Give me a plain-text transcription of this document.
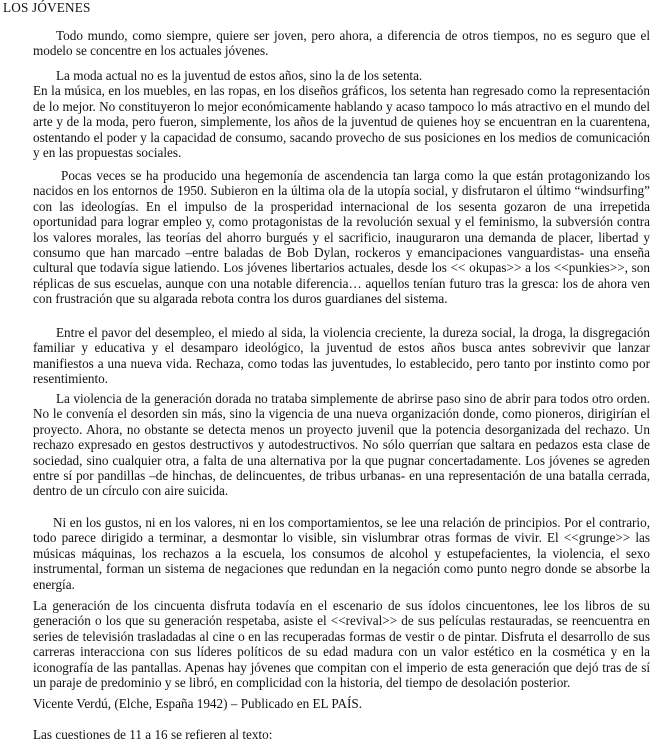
LOS JÓVENES

Todo mundo, como siempre, quiere ser joven, pero ahora, a diferencia de otros tiempos, no es seguro que el modelo se concentre en los actuales jóvenes.

La moda actual no es la juventud de estos años, sino la de los setenta.
En la música, en los muebles, en las ropas, en los diseños gráficos, los setenta han regresado como la representación de lo mejor. No constituyeron lo mejor económicamente hablando y acaso tampoco lo más atractivo en el mundo del arte y de la moda, pero fueron, simplemente, los años de la juventud de quienes hoy se encuentran en la cuarentena, ostentando el poder y la capacidad de consumo, sacando provecho de sus posiciones en los medios de comunicación y en las propuestas sociales.

Pocas veces se ha producido una hegemonía de ascendencia tan larga como la que están protagonizando los nacidos en los entornos de 1950. Subieron en la última ola de la utopía social, y disfrutaron el último “windsurfing” con las ideologías. En el impulso de la prosperidad internacional de los sesenta gozaron de una irrepetida oportunidad para lograr empleo y, como protagonistas de la revolución sexual y el feminismo, la subversión contra los valores morales, las teorías del ahorro burgués y el sacrificio, inauguraron una demanda de placer, libertad y consumo que han marcado –entre baladas de Bob Dylan, rockeros y emancipaciones vanguardistas- una enseña cultural que todavía sigue latiendo. Los jóvenes libertarios actuales, desde los << okupas>> a los <<punkies>>, son réplicas de sus escuelas, aunque con una notable diferencia… aquellos tenían futuro tras la gresca: los de ahora ven con frustración que su algarada rebota contra los duros guardianes del sistema.

Entre el pavor del desempleo, el miedo al sida, la violencia creciente, la dureza social, la droga, la disgregación familiar y educativa y el desamparo ideológico, la juventud de estos años busca antes sobrevivir que lanzar manifiestos a una nueva vida. Rechaza, como todas las juventudes, lo establecido, pero tanto por instinto como por resentimiento.

La violencia de la generación dorada no trataba simplemente de abrirse paso sino de abrir para todos otro orden. No le convenía el desorden sin más, sino la vigencia de una nueva organización donde, como pioneros, dirigirían el proyecto. Ahora, no obstante se detecta menos un proyecto juvenil que la potencia desorganizada del rechazo. Un rechazo expresado en gestos destructivos y autodestructivos. No sólo querrían que saltara en pedazos esta clase de sociedad, sino cualquier otra, a falta de una alternativa por la que pugnar concertadamente. Los jóvenes se agreden entre sí por pandillas –de hinchas, de delincuentes, de tribus urbanas- en una representación de una batalla cerrada, dentro de un círculo con aire suicida.

Ni en los gustos, ni en los valores, ni en los comportamientos, se lee una relación de principios. Por el contrario, todo parece dirigido a terminar, a desmontar lo visible, sin vislumbrar otras formas de vivir. El <<grunge>> las músicas máquinas, los rechazos a la escuela, los consumos de alcohol y estupefacientes, la violencia, el sexo instrumental, forman un sistema de negaciones que redundan en la negación como punto negro donde se absorbe la energía.

La generación de los cincuenta disfruta todavía en el escenario de sus ídolos cincuentones, lee los libros de su generación o los que su generación respetaba, asiste el <<revival>> de sus películas restauradas, se reencuentra en series de televisión trasladadas al cine o en las recuperadas formas de vestir o de pintar. Disfruta el desarrollo de sus carreras interacciona con sus líderes políticos de su edad madura con un valor estético en la cosmética y en la iconografía de las pantallas. Apenas hay jóvenes que compitan con el imperio de esta generación que dejó tras de sí un paraje de predominio y se libró, en complicidad con la historia, del tiempo de desolación posterior.

Vicente Verdú, (Elche, España 1942) – Publicado en EL PAÍS.
Las cuestiones de 11 a 16 se refieren al texto:
